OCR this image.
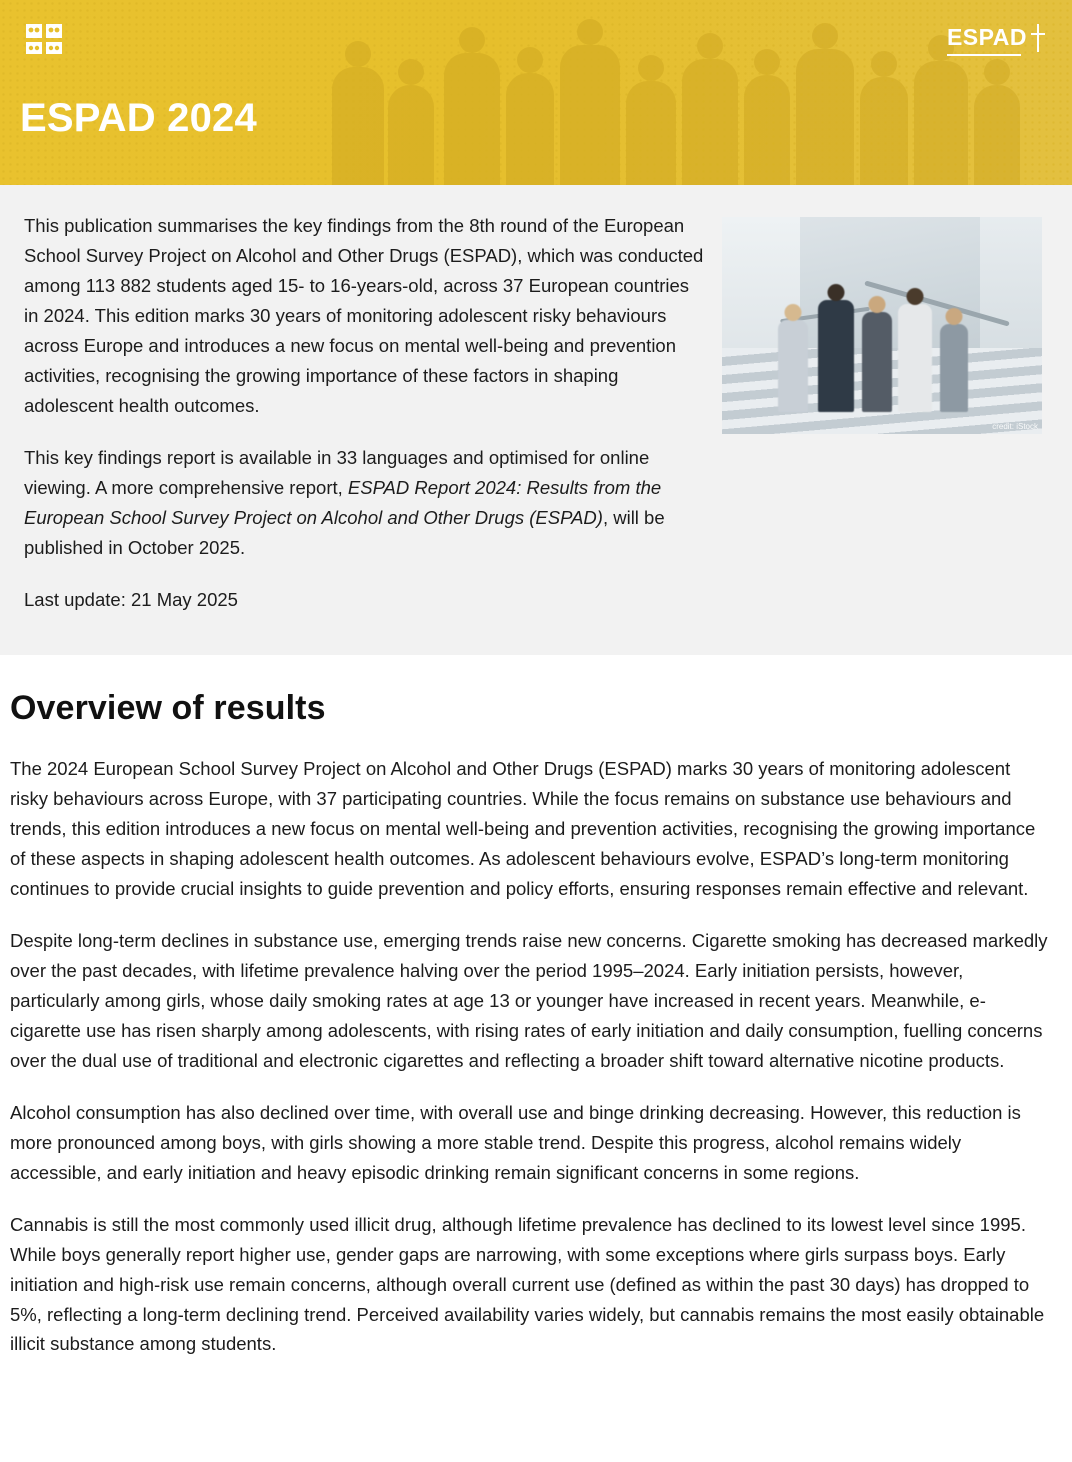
ESPAD
ESPAD 2024

This publication summarises the key findings from the 8th round of the European School Survey Project on Alcohol and Other Drugs (ESPAD), which was conducted among 113 882 students aged 15- to 16-years-old, across 37 European countries in 2024. This edition marks 30 years of monitoring adolescent risky behaviours across Europe and introduces a new focus on mental well-being and prevention activities, recognising the growing importance of these factors in shaping adolescent health outcomes.

This key findings report is available in 33 languages and optimised for online viewing. A more comprehensive report, ESPAD Report 2024: Results from the European School Survey Project on Alcohol and Other Drugs (ESPAD), will be published in October 2025.

Last update: 21 May 2025

credit: iStock
Overview of results

The 2024 European School Survey Project on Alcohol and Other Drugs (ESPAD) marks 30 years of monitoring adolescent risky behaviours across Europe, with 37 participating countries. While the focus remains on substance use behaviours and trends, this edition introduces a new focus on mental well-being and prevention activities, recognising the growing importance of these aspects in shaping adolescent health outcomes. As adolescent behaviours evolve, ESPAD’s long-term monitoring continues to provide crucial insights to guide prevention and policy efforts, ensuring responses remain effective and relevant.

Despite long-term declines in substance use, emerging trends raise new concerns. Cigarette smoking has decreased markedly over the past decades, with lifetime prevalence halving over the period 1995–2024. Early initiation persists, however, particularly among girls, whose daily smoking rates at age 13 or younger have increased in recent years. Meanwhile, e-cigarette use has risen sharply among adolescents, with rising rates of early initiation and daily consumption, fuelling concerns over the dual use of traditional and electronic cigarettes and reflecting a broader shift toward alternative nicotine products.

Alcohol consumption has also declined over time, with overall use and binge drinking decreasing. However, this reduction is more pronounced among boys, with girls showing a more stable trend. Despite this progress, alcohol remains widely accessible, and early initiation and heavy episodic drinking remain significant concerns in some regions.

Cannabis is still the most commonly used illicit drug, although lifetime prevalence has declined to its lowest level since 1995. While boys generally report higher use, gender gaps are narrowing, with some exceptions where girls surpass boys. Early initiation and high-risk use remain concerns, although overall current use (defined as within the past 30 days) has dropped to 5%, reflecting a long-term declining trend. Perceived availability varies widely, but cannabis remains the most easily obtainable illicit substance among students.
